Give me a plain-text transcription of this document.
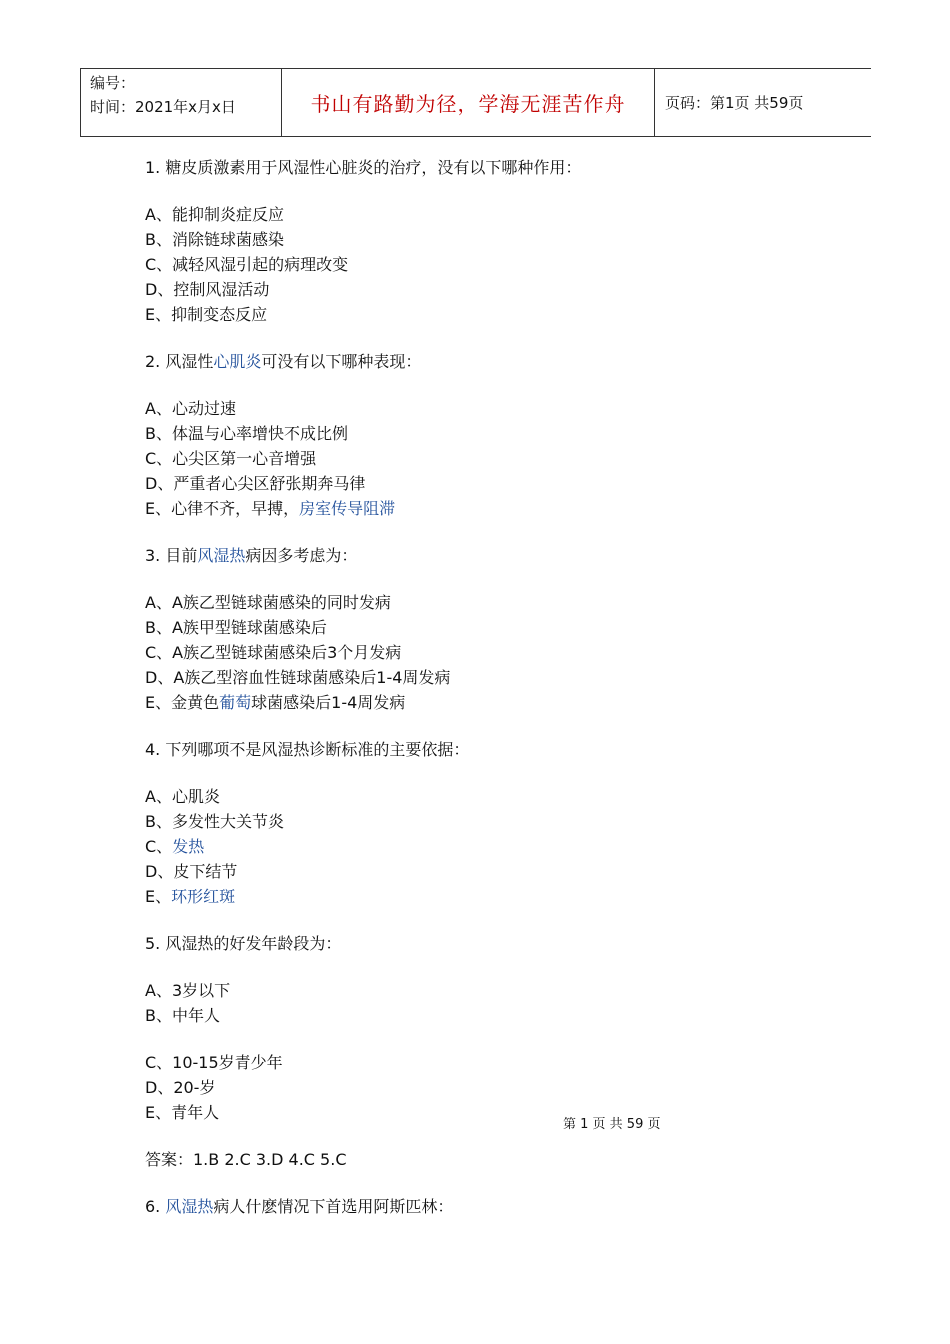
编号：
时间：2021年x月x日	书山有路勤为径，学海无涯苦作舟	页码：第1页 共59页
1. 糖皮质激素用于风湿性心脏炎的治疗，没有以下哪种作用：
A、能抑制炎症反应
B、消除链球菌感染
C、减轻风湿引起的病理改变
D、控制风湿活动
E、抑制变态反应
2. 风湿性心肌炎可没有以下哪种表现：
A、心动过速
B、体温与心率增快不成比例
C、心尖区第一心音增强
D、严重者心尖区舒张期奔马律
E、心律不齐，早搏，房室传导阻滞
3. 目前风湿热病因多考虑为：
A、A族乙型链球菌感染的同时发病
B、A族甲型链球菌感染后
C、A族乙型链球菌感染后3个月发病
D、A族乙型溶血性链球菌感染后1-4周发病
E、金黄色葡萄球菌感染后1-4周发病
4. 下列哪项不是风湿热诊断标准的主要依据：
A、心肌炎
B、多发性大关节炎
C、发热
D、皮下结节
E、环形红斑
5. 风湿热的好发年龄段为：
A、3岁以下
B、中年人
C、10-15岁青少年
D、20-岁
E、青年人
答案：1.B 2.C 3.D 4.C 5.C
6. 风湿热病人什麽情况下首选用阿斯匹林：
第 1 页 共 59 页
